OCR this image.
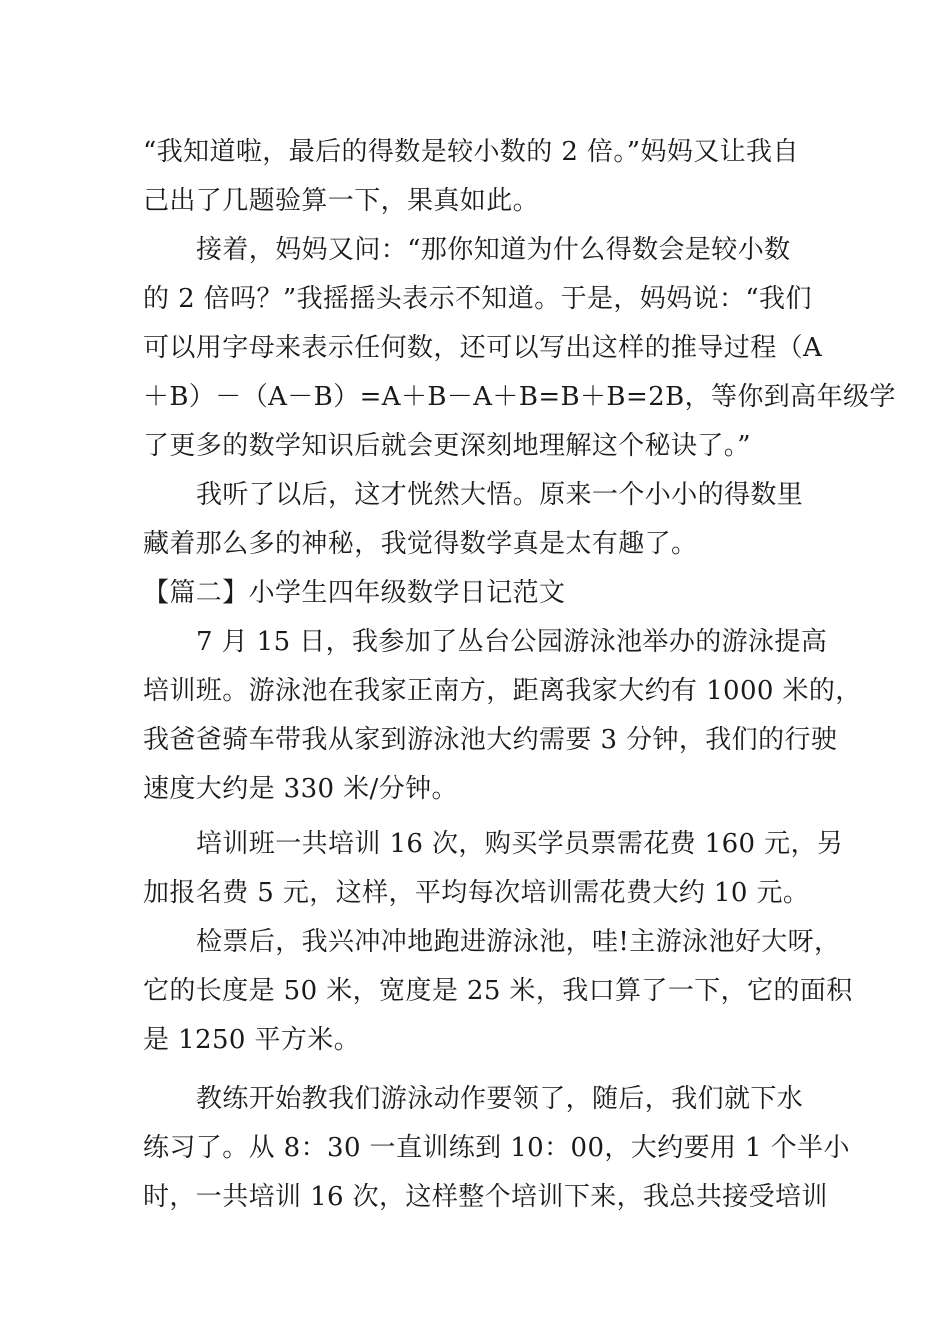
“我知道啦，最后的得数是较小数的 2 倍。”妈妈又让我自
己出了几题验算一下，果真如此。
接着，妈妈又问：“那你知道为什么得数会是较小数
的 2 倍吗？”我摇摇头表示不知道。于是，妈妈说：“我们
可以用字母来表示任何数，还可以写出这样的推导过程（A
＋B）－（A－B）=A＋B－A＋B=B＋B=2B，等你到高年级学
了更多的数学知识后就会更深刻地理解这个秘诀了。”
我听了以后，这才恍然大悟。原来一个小小的得数里
藏着那么多的神秘，我觉得数学真是太有趣了。
【篇二】小学生四年级数学日记范文
7 月 15 日，我参加了丛台公园游泳池举办的游泳提高
培训班。游泳池在我家正南方，距离我家大约有 1000 米的，
我爸爸骑车带我从家到游泳池大约需要 3 分钟，我们的行驶
速度大约是 330 米/分钟。
培训班一共培训 16 次，购买学员票需花费 160 元，另
加报名费 5 元，这样，平均每次培训需花费大约 10 元。
检票后，我兴冲冲地跑进游泳池，哇!主游泳池好大呀，
它的长度是 50 米，宽度是 25 米，我口算了一下，它的面积
是 1250 平方米。
教练开始教我们游泳动作要领了，随后，我们就下水
练习了。从 8：30 一直训练到 10：00，大约要用 1 个半小
时，一共培训 16 次，这样整个培训下来，我总共接受培训
